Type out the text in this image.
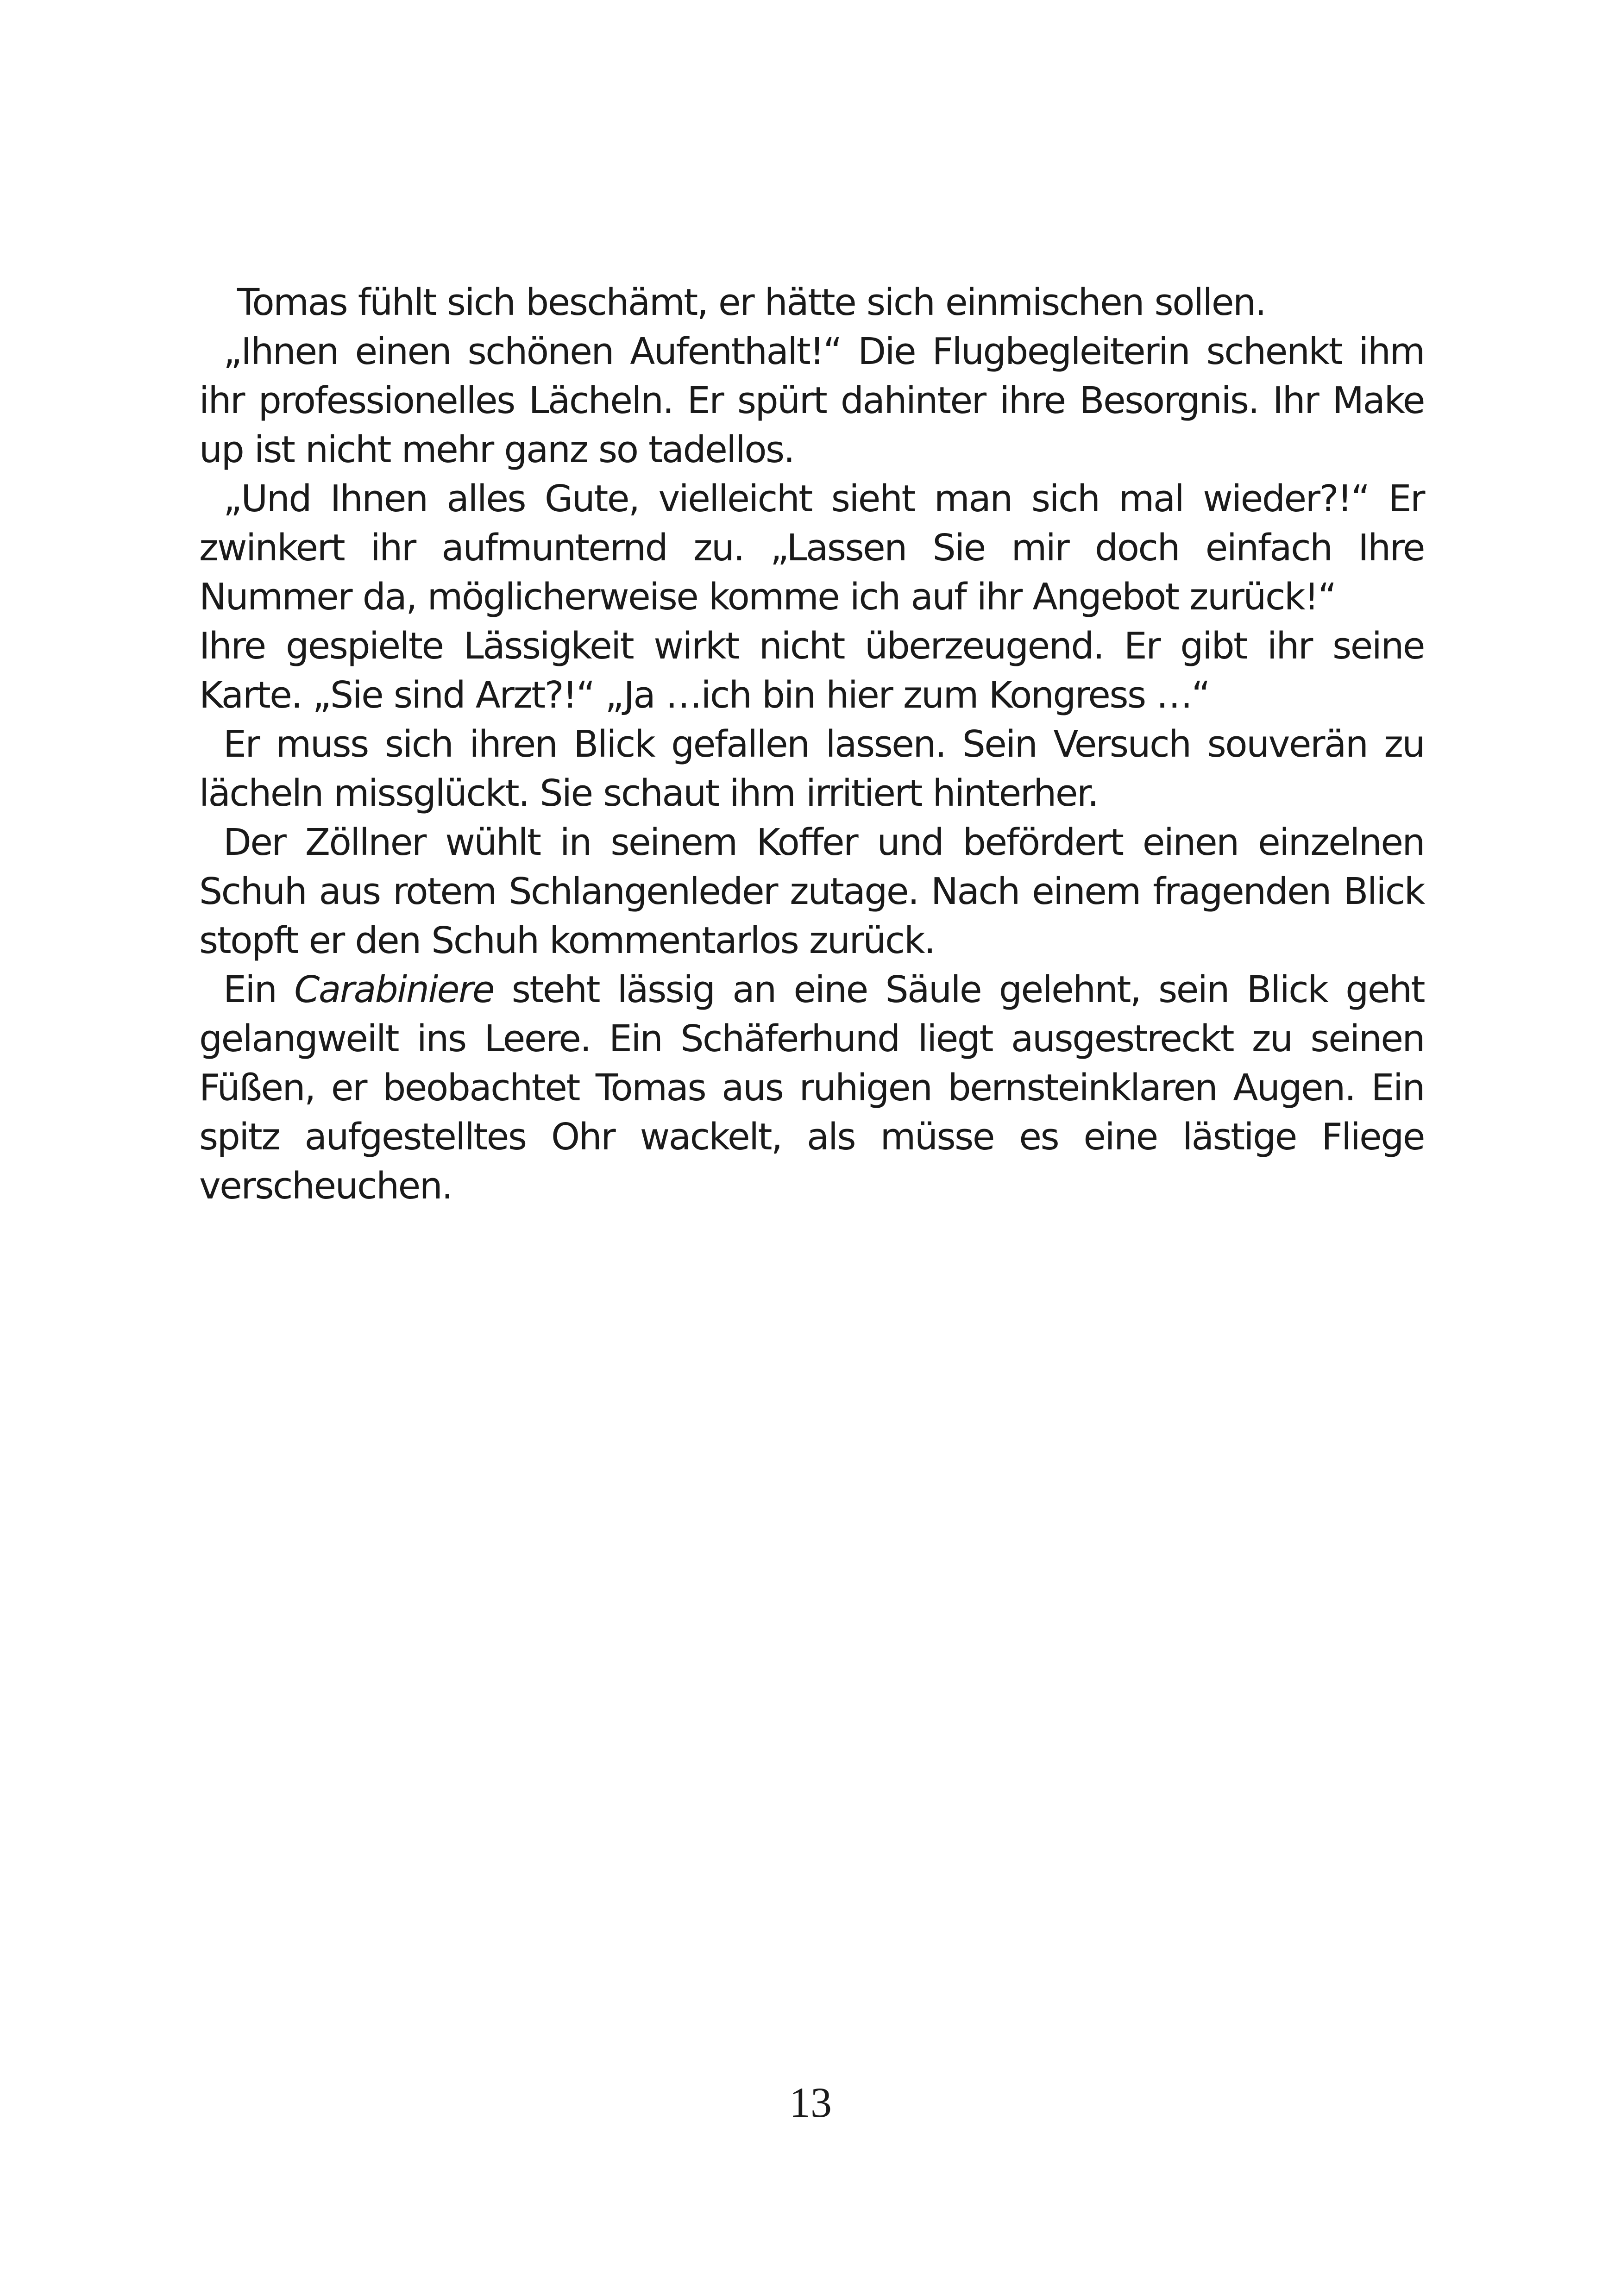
Tomas fühlt sich beschämt, er hätte sich einmischen sollen.

„Ihnen einen schönen Aufenthalt!“ Die Flugbegleiterin schenkt ihm ihr professionelles Lächeln. Er spürt dahinter ihre Besorgnis. Ihr Make up ist nicht mehr ganz so tadellos.

„Und Ihnen alles Gute, vielleicht sieht man sich mal wieder?!“ Er zwinkert ihr aufmunternd zu. „Lassen Sie mir doch einfach Ihre Nummer da, möglicherweise komme ich auf ihr Angebot zurück!“

Ihre gespielte Lässigkeit wirkt nicht überzeugend. Er gibt ihr seine Karte. „Sie sind Arzt?!“ „Ja …ich bin hier zum Kongress …“

Er muss sich ihren Blick gefallen lassen. Sein Versuch souverän zu lächeln missglückt. Sie schaut ihm irritiert hinterher.

Der Zöllner wühlt in seinem Koffer und befördert einen einzelnen Schuh aus rotem Schlangenleder zutage. Nach einem fragenden Blick stopft er den Schuh kommentarlos zurück.

Ein Carabiniere steht lässig an eine Säule gelehnt, sein Blick geht gelangweilt ins Leere. Ein Schäferhund liegt ausgestreckt zu seinen Füßen, er beobachtet Tomas aus ruhigen bernsteinklaren Augen. Ein spitz aufgestelltes Ohr wackelt, als müsse es eine lästige Fliege verscheuchen.

13
